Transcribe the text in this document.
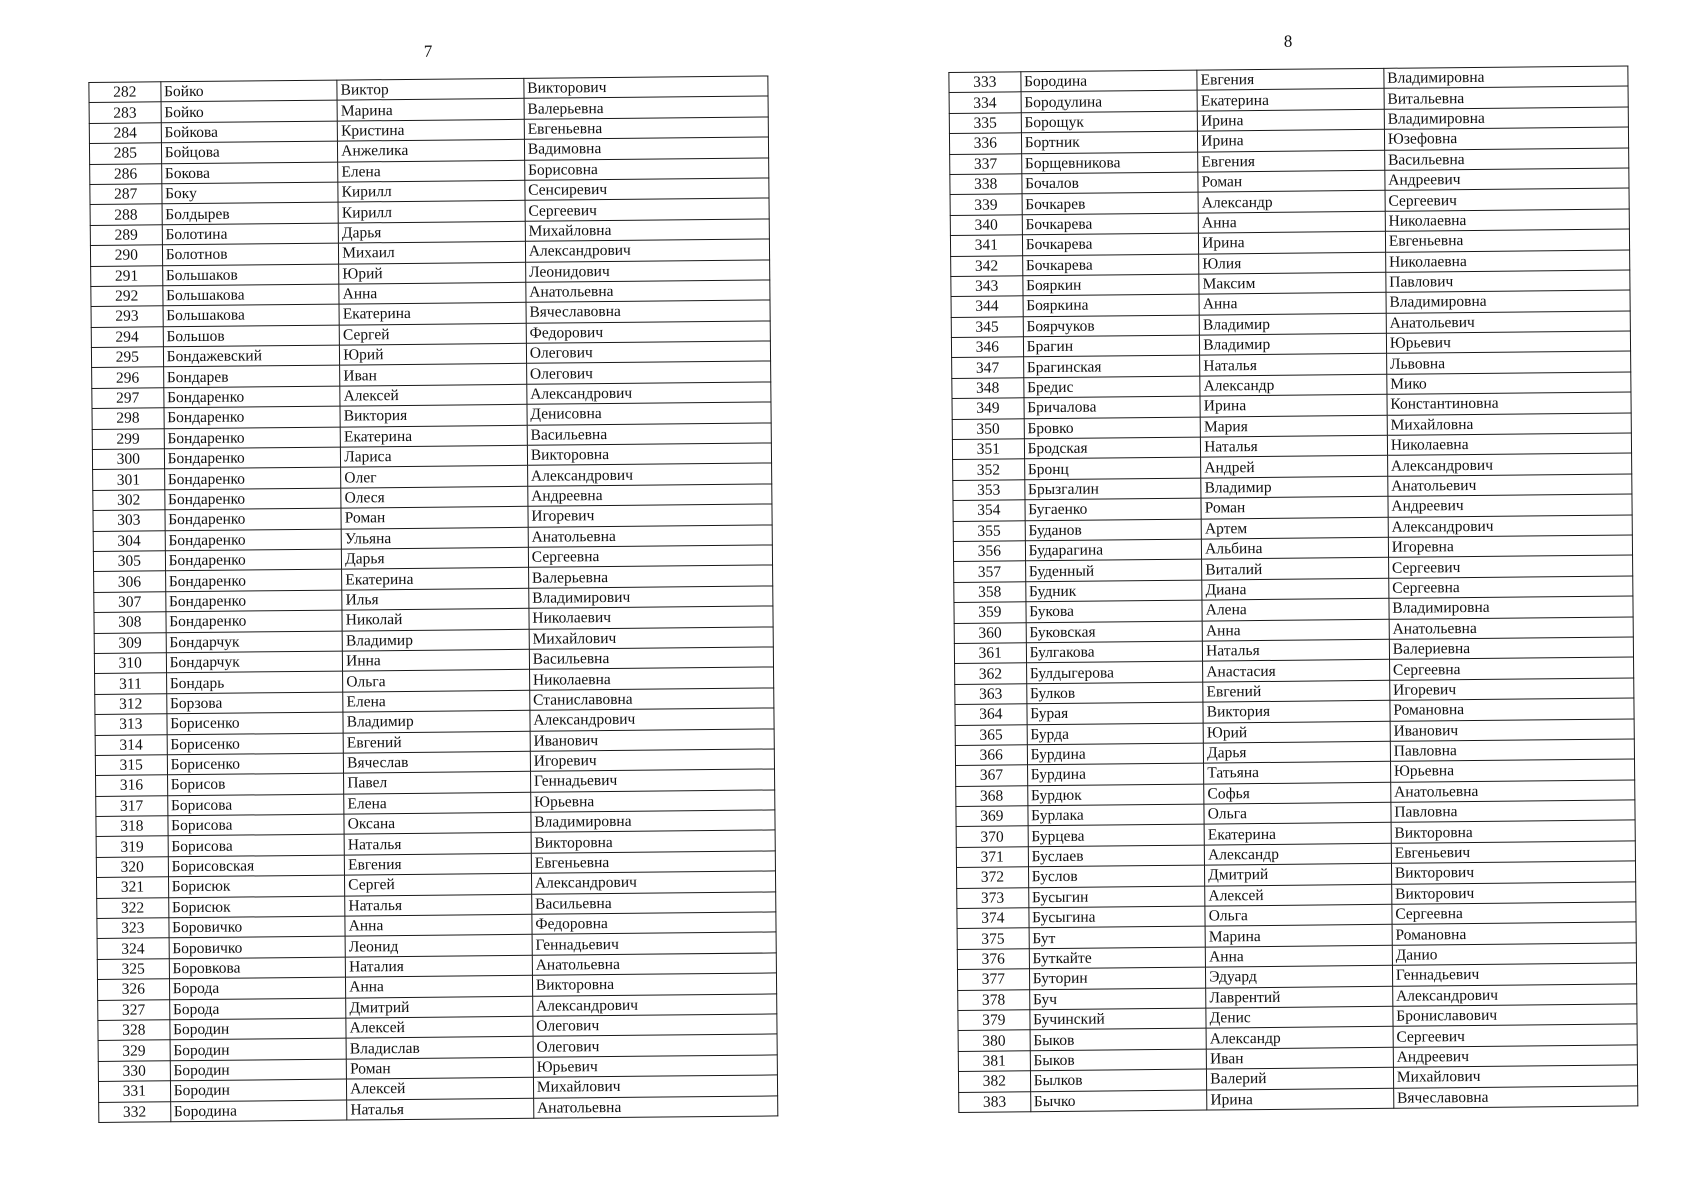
7
282	Бойко	Виктор	Викторович
283	Бойко	Марина	Валерьевна
284	Бойкова	Кристина	Евгеньевна
285	Бойцова	Анжелика	Вадимовна
286	Бокова	Елена	Борисовна
287	Боку	Кирилл	Сенсиревич
288	Болдырев	Кирилл	Сергеевич
289	Болотина	Дарья	Михайловна
290	Болотнов	Михаил	Александрович
291	Большаков	Юрий	Леонидович
292	Большакова	Анна	Анатольевна
293	Большакова	Екатерина	Вячеславовна
294	Большов	Сергей	Федорович
295	Бондажевский	Юрий	Олегович
296	Бондарев	Иван	Олегович
297	Бондаренко	Алексей	Александрович
298	Бондаренко	Виктория	Денисовна
299	Бондаренко	Екатерина	Васильевна
300	Бондаренко	Лариса	Викторовна
301	Бондаренко	Олег	Александрович
302	Бондаренко	Олеся	Андреевна
303	Бондаренко	Роман	Игоревич
304	Бондаренко	Ульяна	Анатольевна
305	Бондаренко	Дарья	Сергеевна
306	Бондаренко	Екатерина	Валерьевна
307	Бондаренко	Илья	Владимирович
308	Бондаренко	Николай	Николаевич
309	Бондарчук	Владимир	Михайлович
310	Бондарчук	Инна	Васильевна
311	Бондарь	Ольга	Николаевна
312	Борзова	Елена	Станиславовна
313	Борисенко	Владимир	Александрович
314	Борисенко	Евгений	Иванович
315	Борисенко	Вячеслав	Игоревич
316	Борисов	Павел	Геннадьевич
317	Борисова	Елена	Юрьевна
318	Борисова	Оксана	Владимировна
319	Борисова	Наталья	Викторовна
320	Борисовская	Евгения	Евгеньевна
321	Борисюк	Сергей	Александрович
322	Борисюк	Наталья	Васильевна
323	Боровичко	Анна	Федоровна
324	Боровичко	Леонид	Геннадьевич
325	Боровкова	Наталия	Анатольевна
326	Борода	Анна	Викторовна
327	Борода	Дмитрий	Александрович
328	Бородин	Алексей	Олегович
329	Бородин	Владислав	Олегович
330	Бородин	Роман	Юрьевич
331	Бородин	Алексей	Михайлович
332	Бородина	Наталья	Анатольевна
8
333	Бородина	Евгения	Владимировна
334	Бородулина	Екатерина	Витальевна
335	Борощук	Ирина	Владимировна
336	Бортник	Ирина	Юзефовна
337	Борщевникова	Евгения	Васильевна
338	Бочалов	Роман	Андреевич
339	Бочкарев	Александр	Сергеевич
340	Бочкарева	Анна	Николаевна
341	Бочкарева	Ирина	Евгеньевна
342	Бочкарева	Юлия	Николаевна
343	Бояркин	Максим	Павлович
344	Бояркина	Анна	Владимировна
345	Боярчуков	Владимир	Анатольевич
346	Брагин	Владимир	Юрьевич
347	Брагинская	Наталья	Львовна
348	Бредис	Александр	Мико
349	Бричалова	Ирина	Константиновна
350	Бровко	Мария	Михайловна
351	Бродская	Наталья	Николаевна
352	Бронц	Андрей	Александрович
353	Брызгалин	Владимир	Анатольевич
354	Бугаенко	Роман	Андреевич
355	Буданов	Артем	Александрович
356	Бударагина	Альбина	Игоревна
357	Буденный	Виталий	Сергеевич
358	Будник	Диана	Сергеевна
359	Букова	Алена	Владимировна
360	Буковская	Анна	Анатольевна
361	Булгакова	Наталья	Валериевна
362	Булдыгерова	Анастасия	Сергеевна
363	Булков	Евгений	Игоревич
364	Бурая	Виктория	Романовна
365	Бурда	Юрий	Иванович
366	Бурдина	Дарья	Павловна
367	Бурдина	Татьяна	Юрьевна
368	Бурдюк	Софья	Анатольевна
369	Бурлака	Ольга	Павловна
370	Бурцева	Екатерина	Викторовна
371	Буслаев	Александр	Евгеньевич
372	Буслов	Дмитрий	Викторович
373	Бусыгин	Алексей	Викторович
374	Бусыгина	Ольга	Сергеевна
375	Бут	Марина	Романовна
376	Буткайте	Анна	Данио
377	Буторин	Эдуард	Геннадьевич
378	Буч	Лаврентий	Александрович
379	Бучинский	Денис	Брониславович
380	Быков	Александр	Сергеевич
381	Быков	Иван	Андреевич
382	Былков	Валерий	Михайлович
383	Бычко	Ирина	Вячеславовна
